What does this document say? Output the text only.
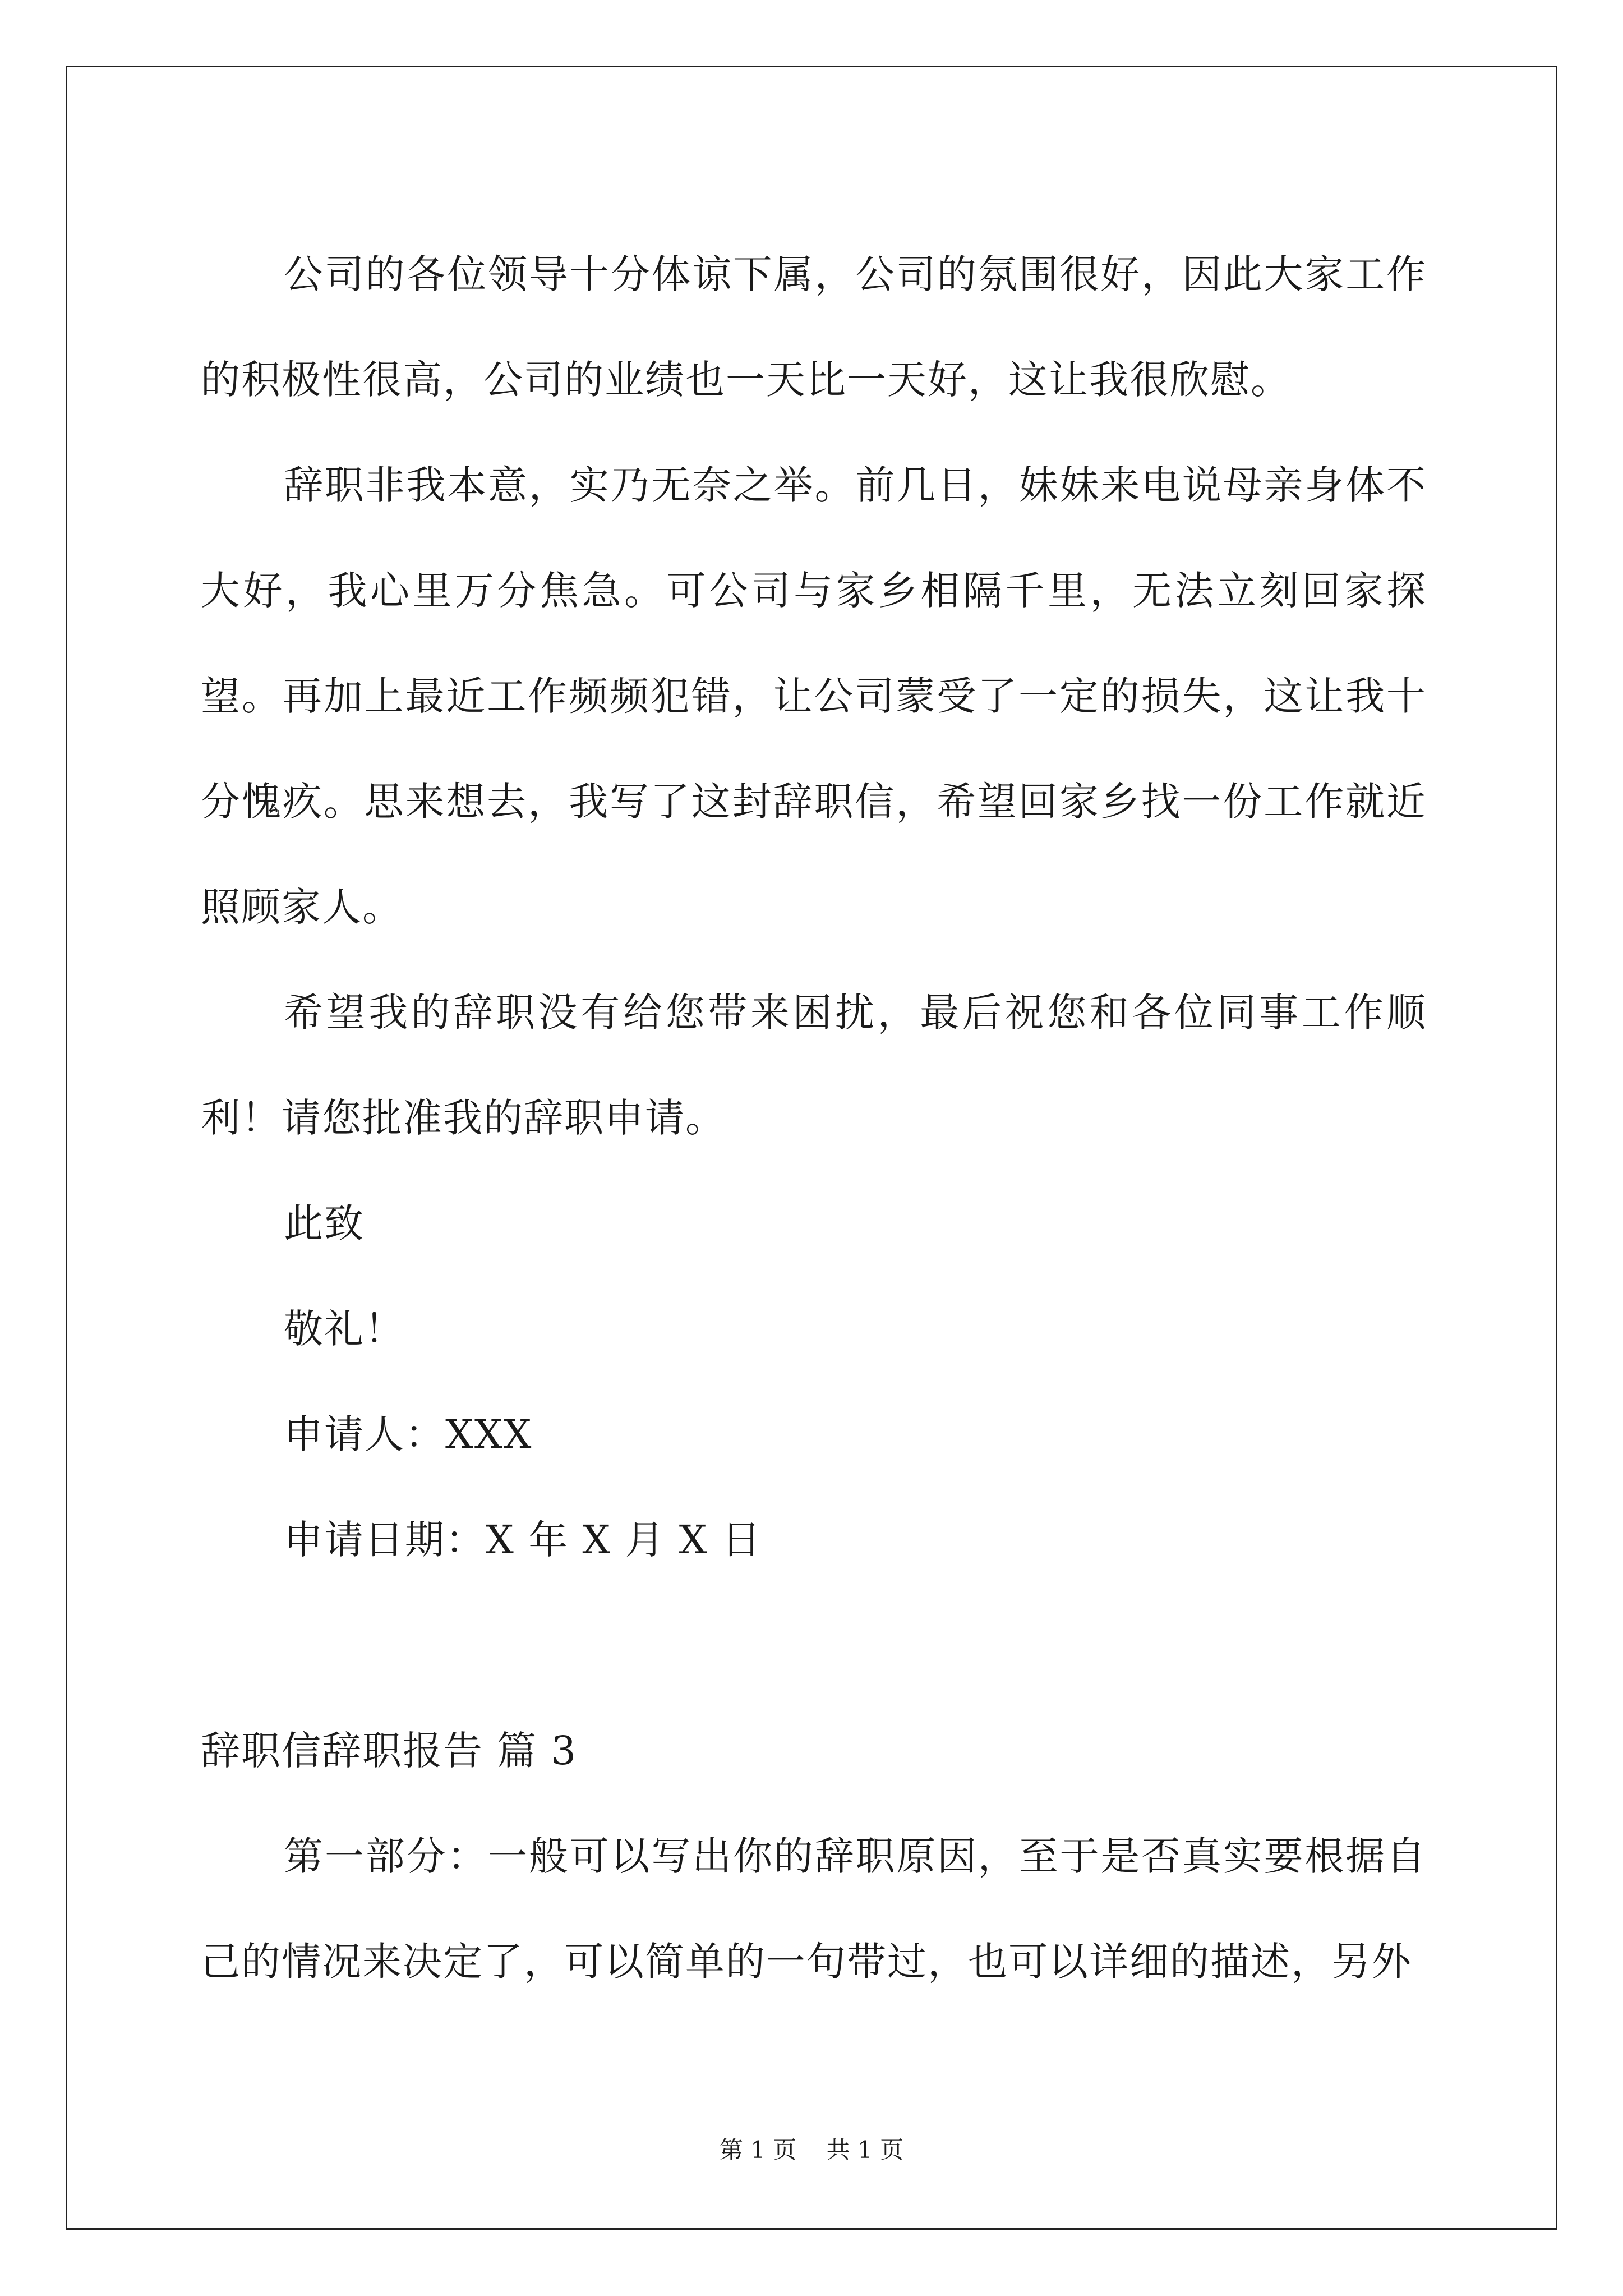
公司的各位领导十分体谅下属，公司的氛围很好，因此大家工作的积极性很高，公司的业绩也一天比一天好，这让我很欣慰。

辞职非我本意，实乃无奈之举。前几日，妹妹来电说母亲身体不大好，我心里万分焦急。可公司与家乡相隔千里，无法立刻回家探望。再加上最近工作频频犯错，让公司蒙受了一定的损失，这让我十分愧疚。思来想去，我写了这封辞职信，希望回家乡找一份工作就近照顾家人。

希望我的辞职没有给您带来困扰，最后祝您和各位同事工作顺利！请您批准我的辞职申请。

此致

敬礼！

申请人：XXX

申请日期：X 年 X 月 X 日

辞职信辞职报告 篇 3

第一部分：一般可以写出你的辞职原因，至于是否真实要根据自己的情况来决定了，可以简单的一句带过，也可以详细的描述，另外

第 1 页    共 1 页
